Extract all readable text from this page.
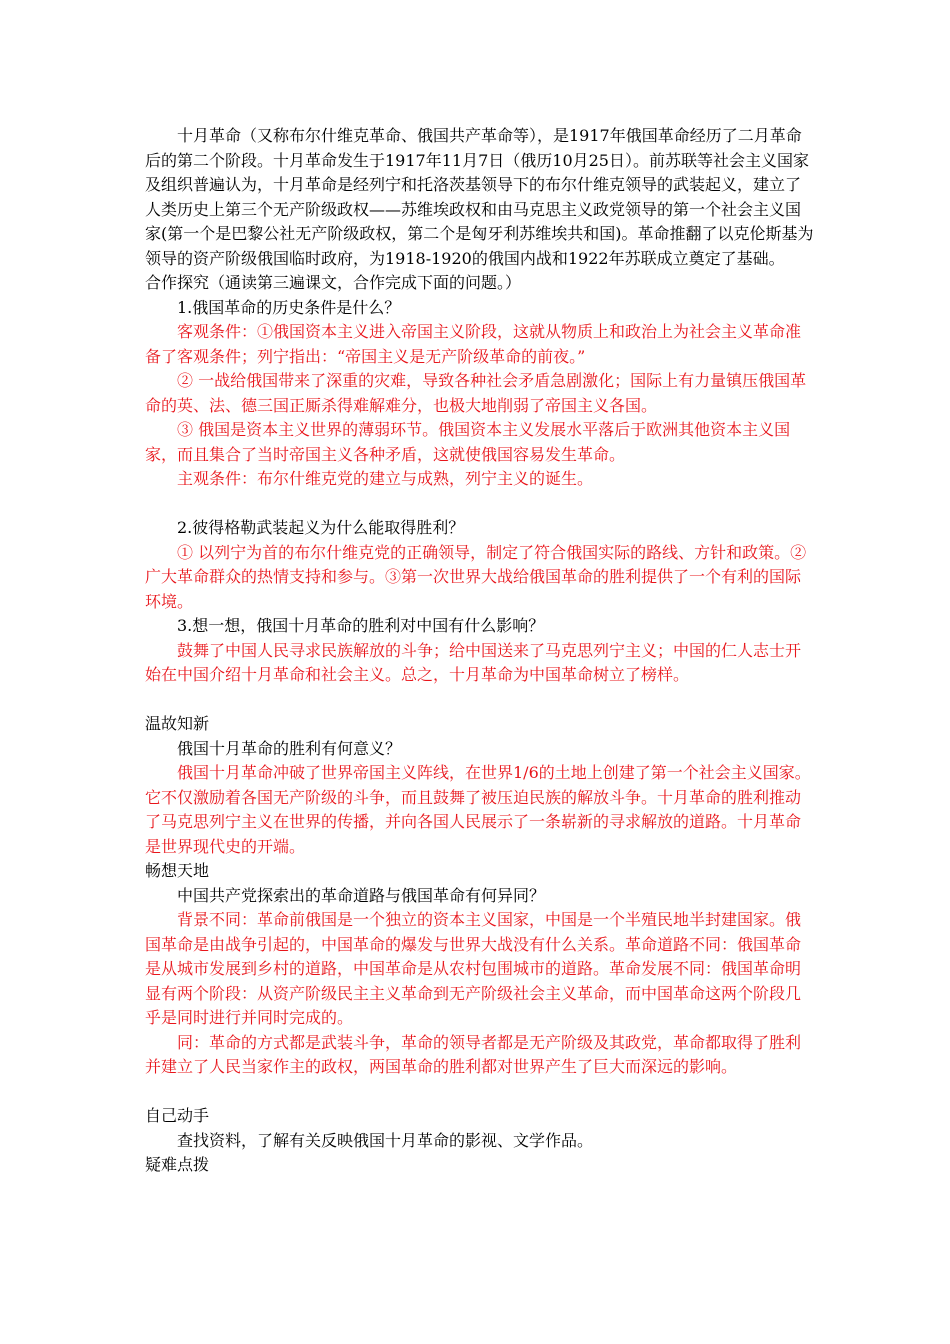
十月革命（又称布尔什维克革命、俄国共产革命等），是1917年俄国革命经历了二月革命后的第二个阶段。十月革命发生于1917年11月7日（俄历10月25日）。前苏联等社会主义国家及组织普遍认为，十月革命是经列宁和托洛茨基领导下的布尔什维克领导的武装起义，建立了人类历史上第三个无产阶级政权——苏维埃政权和由马克思主义政党领导的第一个社会主义国家(第一个是巴黎公社无产阶级政权，第二个是匈牙利苏维埃共和国)。革命推翻了以克伦斯基为领导的资产阶级俄国临时政府，为1918-1920的俄国内战和1922年苏联成立奠定了基础。

合作探究（通读第三遍课文，合作完成下面的问题。）

1.俄国革命的历史条件是什么？

客观条件：①俄国资本主义进入帝国主义阶段，这就从物质上和政治上为社会主义革命准备了客观条件；列宁指出：“帝国主义是无产阶级革命的前夜。”

② 一战给俄国带来了深重的灾难，导致各种社会矛盾急剧激化；国际上有力量镇压俄国革命的英、法、德三国正厮杀得难解难分，也极大地削弱了帝国主义各国。

③ 俄国是资本主义世界的薄弱环节。俄国资本主义发展水平落后于欧洲其他资本主义国家，而且集合了当时帝国主义各种矛盾，这就使俄国容易发生革命。

主观条件：布尔什维克党的建立与成熟，列宁主义的诞生。

2.彼得格勒武装起义为什么能取得胜利？

① 以列宁为首的布尔什维克党的正确领导，制定了符合俄国实际的路线、方针和政策。②广大革命群众的热情支持和参与。③第一次世界大战给俄国革命的胜利提供了一个有利的国际环境。

3.想一想，俄国十月革命的胜利对中国有什么影响？

鼓舞了中国人民寻求民族解放的斗争；给中国送来了马克思列宁主义；中国的仁人志士开始在中国介绍十月革命和社会主义。总之，十月革命为中国革命树立了榜样。

温故知新

俄国十月革命的胜利有何意义？

俄国十月革命冲破了世界帝国主义阵线，在世界1/6的土地上创建了第一个社会主义国家。它不仅激励着各国无产阶级的斗争，而且鼓舞了被压迫民族的解放斗争。十月革命的胜利推动了马克思列宁主义在世界的传播，并向各国人民展示了一条崭新的寻求解放的道路。十月革命是世界现代史的开端。

畅想天地

中国共产党探索出的革命道路与俄国革命有何异同？

背景不同：革命前俄国是一个独立的资本主义国家，中国是一个半殖民地半封建国家。俄国革命是由战争引起的，中国革命的爆发与世界大战没有什么关系。革命道路不同：俄国革命是从城市发展到乡村的道路，中国革命是从农村包围城市的道路。革命发展不同：俄国革命明显有两个阶段：从资产阶级民主主义革命到无产阶级社会主义革命，而中国革命这两个阶段几乎是同时进行并同时完成的。

同：革命的方式都是武装斗争，革命的领导者都是无产阶级及其政党，革命都取得了胜利并建立了人民当家作主的政权，两国革命的胜利都对世界产生了巨大而深远的影响。

自己动手

查找资料，了解有关反映俄国十月革命的影视、文学作品。

疑难点拨
